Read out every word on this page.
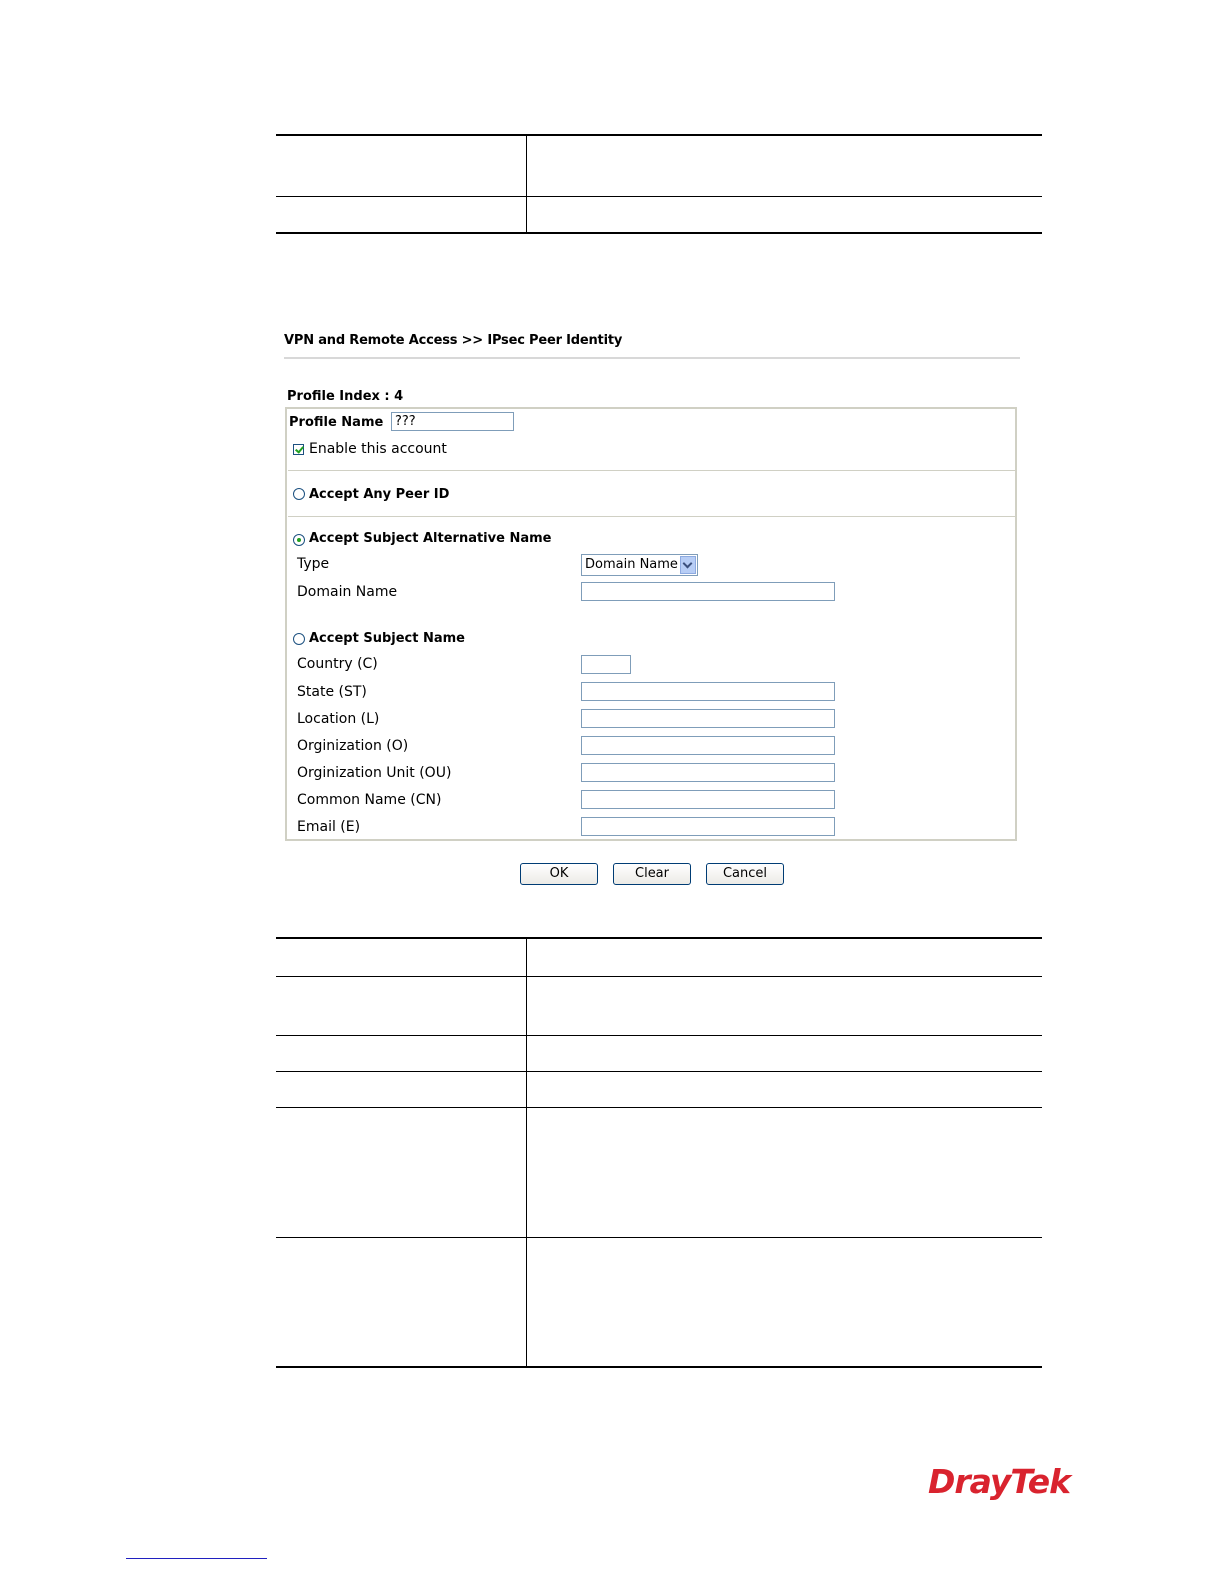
VPN and Remote Access >> IPsec Peer Identity
Profile Index : 4
Profile Name
???
Enable this account
Accept Any Peer ID
Accept Subject Alternative Name
Type	Domain Name
Domain Name
Accept Subject Name
Country (C)
State (ST)
Location (L)
Orginization (O)
Orginization Unit (OU)
Common Name (CN)
Email (E)
OK	Clear	Cancel

DrayTek
